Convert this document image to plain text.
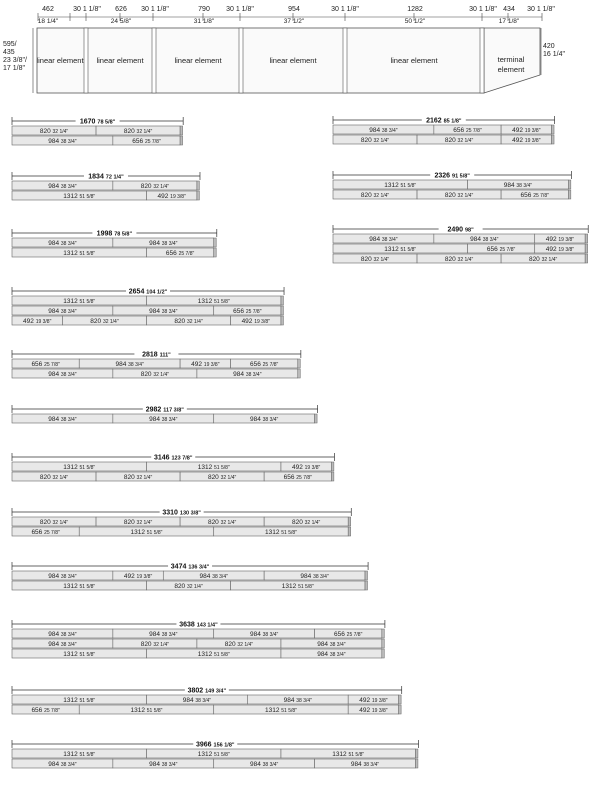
462
18 1/4"
30 1 1/8" 626
24 5/8"
30 1 1/8"	790
31 1/8"
30 1 1/8"	954
37 1/2"
30 1 1/8"	1282
50 1/2"
30 1 1/8" 434
17 1/8"
30 1 1/8"
linear element linear element	linear element	linear element	linear element	terminal
element
595/
435
23 3/8"/
17 1/8"
420
16 1/4"
1670 78 5/8"
820 32 1/4"	820 32 1/4"
984 38 3/4"	656 25 7/8"
2162 85 1/8"
984 38 3/4"	656 25 7/8"	492 19 3/8"
820 32 1/4"	820 32 1/4"	492 19 3/8"
1834 72 1/4"
984 38 3/4"	820 32 1/4"
1312 51 5/8"	492 19 3/8"
2326 91 5/8"
1312 51 5/8"	984 38 3/4"
820 32 1/4"	820 32 1/4"	656 25 7/8"
1998 78 5/8"
984 38 3/4"	984 38 3/4"
1312 51 5/8"	656 25 7/8"
2490 98"
984 38 3/4"	984 38 3/4"	492 19 3/8"
1312 51 5/8"	656 25 7/8"	492 19 3/8"
820 32 1/4"	820 32 1/4"	820 32 1/4"
2654 104 1/2"
1312 51 5/8"	1312 51 5/8"
984 38 3/4"	984 38 3/4"	656 25 7/8"
492 19 3/8"	820 32 1/4"	820 32 1/4"	492 19 3/8"
2818 111"
656 25 7/8"	984 38 3/4"	492 19 3/8"	656 25 7/8"
984 38 3/4"	820 32 1/4"	984 38 3/4"
2982 117 3/8"
984 38 3/4"	984 38 3/4"	984 38 3/4"
3146 123 7/8"
1312 51 5/8"	1312 51 5/8"	492 19 3/8"
820 32 1/4"	820 32 1/4"	820 32 1/4"	656 25 7/8"
3310 130 3/8"
820 32 1/4"	820 32 1/4"	820 32 1/4"	820 32 1/4"
656 25 7/8"	1312 51 5/8"	1312 51 5/8"
3474 136 3/4"
984 38 3/4"	492 19 3/8"	984 38 3/4"	984 38 3/4"
1312 51 5/8"	820 32 1/4"	1312 51 5/8"
3638 143 1/4"
984 38 3/4"	984 38 3/4"	984 38 3/4"	656 25 7/8"
984 38 3/4"	820 32 1/4"	820 32 1/4"	984 38 3/4"
1312 51 5/8"	1312 51 5/8"	984 38 3/4"
3802 149 3/4"
1312 51 5/8"	984 38 3/4"	984 38 3/4"	492 19 3/8"
656 25 7/8"	1312 51 5/8"	1312 51 5/8"	492 19 3/8"
3966 156 1/8"
1312 51 5/8"	1312 51 5/8"	1312 51 5/8"
984 38 3/4"	984 38 3/4"	984 38 3/4"	984 38 3/4"
